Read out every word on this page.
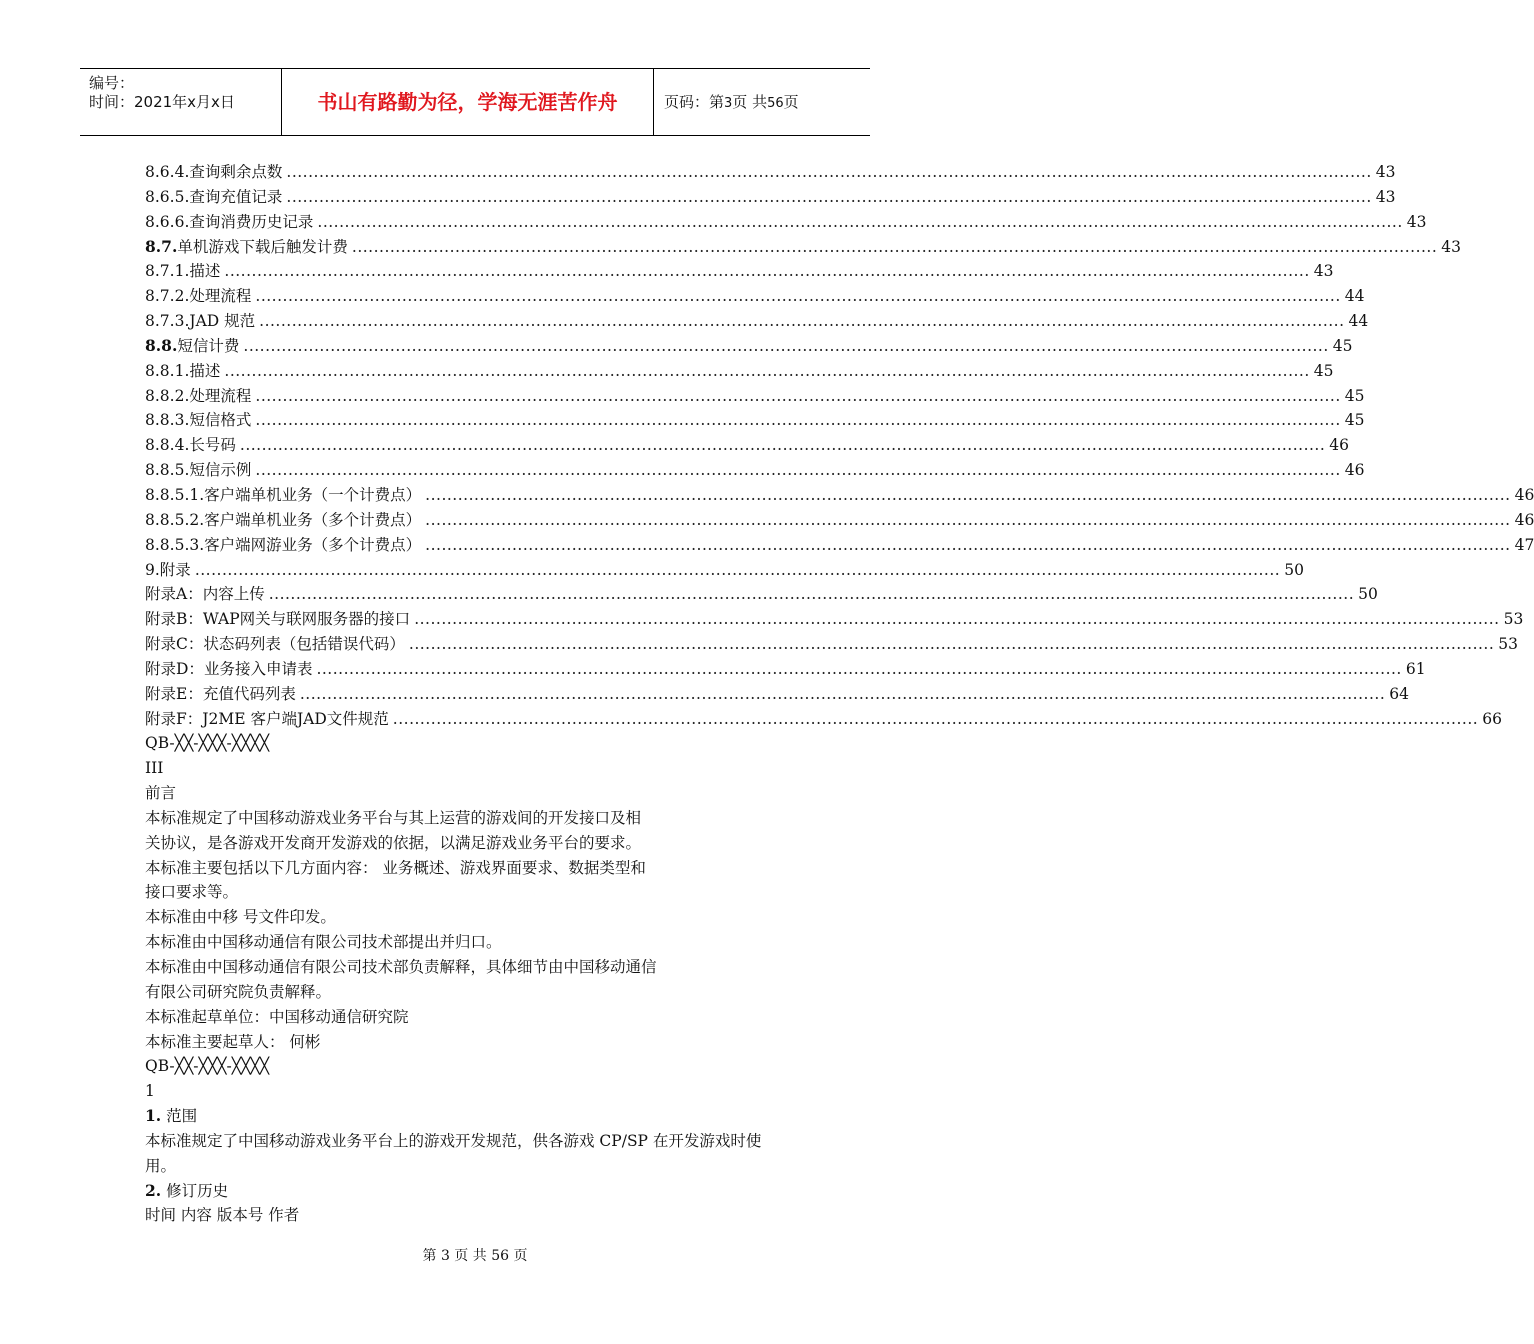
编号：
时间：2021年x月x日	书山有路勤为径，学海无涯苦作舟	页码：第3页 共56页
8.6.4. 查询剩余点数 ........................................................................................................................................................................................................ 43
8.6.5. 查询充值记录 ........................................................................................................................................................................................................ 43
8.6.6. 查询消费历史记录 ........................................................................................................................................................................................................ 43
8.7. 单机游戏下载后触发计费 ........................................................................................................................................................................................................ 43
8.7.1. 描述 ........................................................................................................................................................................................................ 43
8.7.2. 处理流程 ........................................................................................................................................................................................................ 44
8.7.3. JAD 规范 ........................................................................................................................................................................................................ 44
8.8. 短信计费 ........................................................................................................................................................................................................ 45
8.8.1. 描述 ........................................................................................................................................................................................................ 45
8.8.2. 处理流程 ........................................................................................................................................................................................................ 45
8.8.3. 短信格式 ........................................................................................................................................................................................................ 45
8.8.4. 长号码 ........................................................................................................................................................................................................ 46
8.8.5. 短信示例 ........................................................................................................................................................................................................ 46
8.8.5.1. 客户端单机业务（一个计费点） ........................................................................................................................................................................................................ 46
8.8.5.2. 客户端单机业务（多个计费点） ........................................................................................................................................................................................................ 46
8.8.5.3. 客户端网游业务（多个计费点） ........................................................................................................................................................................................................ 47
9. 附录 ........................................................................................................................................................................................................ 50
附录A： 内容上传 ........................................................................................................................................................................................................ 50
附录B： WAP网关与联网服务器的接口 ........................................................................................................................................................................................................ 53
附录C： 状态码列表（包括错误代码） ........................................................................................................................................................................................................ 53
附录D： 业务接入申请表 ........................................................................................................................................................................................................ 61
附录E： 充值代码列表 ........................................................................................................................................................................................................ 64
附录F： J2ME 客户端JAD文件规范 ........................................................................................................................................................................................................ 66
QB-╳╳-╳╳╳-╳╳╳╳
III
前言
本标准规定了中国移动游戏业务平台与其上运营的游戏间的开发接口及相
关协议，是各游戏开发商开发游戏的依据，以满足游戏业务平台的要求。
本标准主要包括以下几方面内容： 业务概述、游戏界面要求、数据类型和
接口要求等。
本标准由中移 号文件印发。
本标准由中国移动通信有限公司技术部提出并归口。
本标准由中国移动通信有限公司技术部负责解释，具体细节由中国移动通信
有限公司研究院负责解释。
本标准起草单位：中国移动通信研究院
本标准主要起草人： 何彬
QB-╳╳-╳╳╳-╳╳╳╳
1
1. 范围
本标准规定了中国移动游戏业务平台上的游戏开发规范，供各游戏 CP/SP 在开发游戏时使
用。
2. 修订历史
时间 内容 版本号 作者
第 3 页 共 56 页
